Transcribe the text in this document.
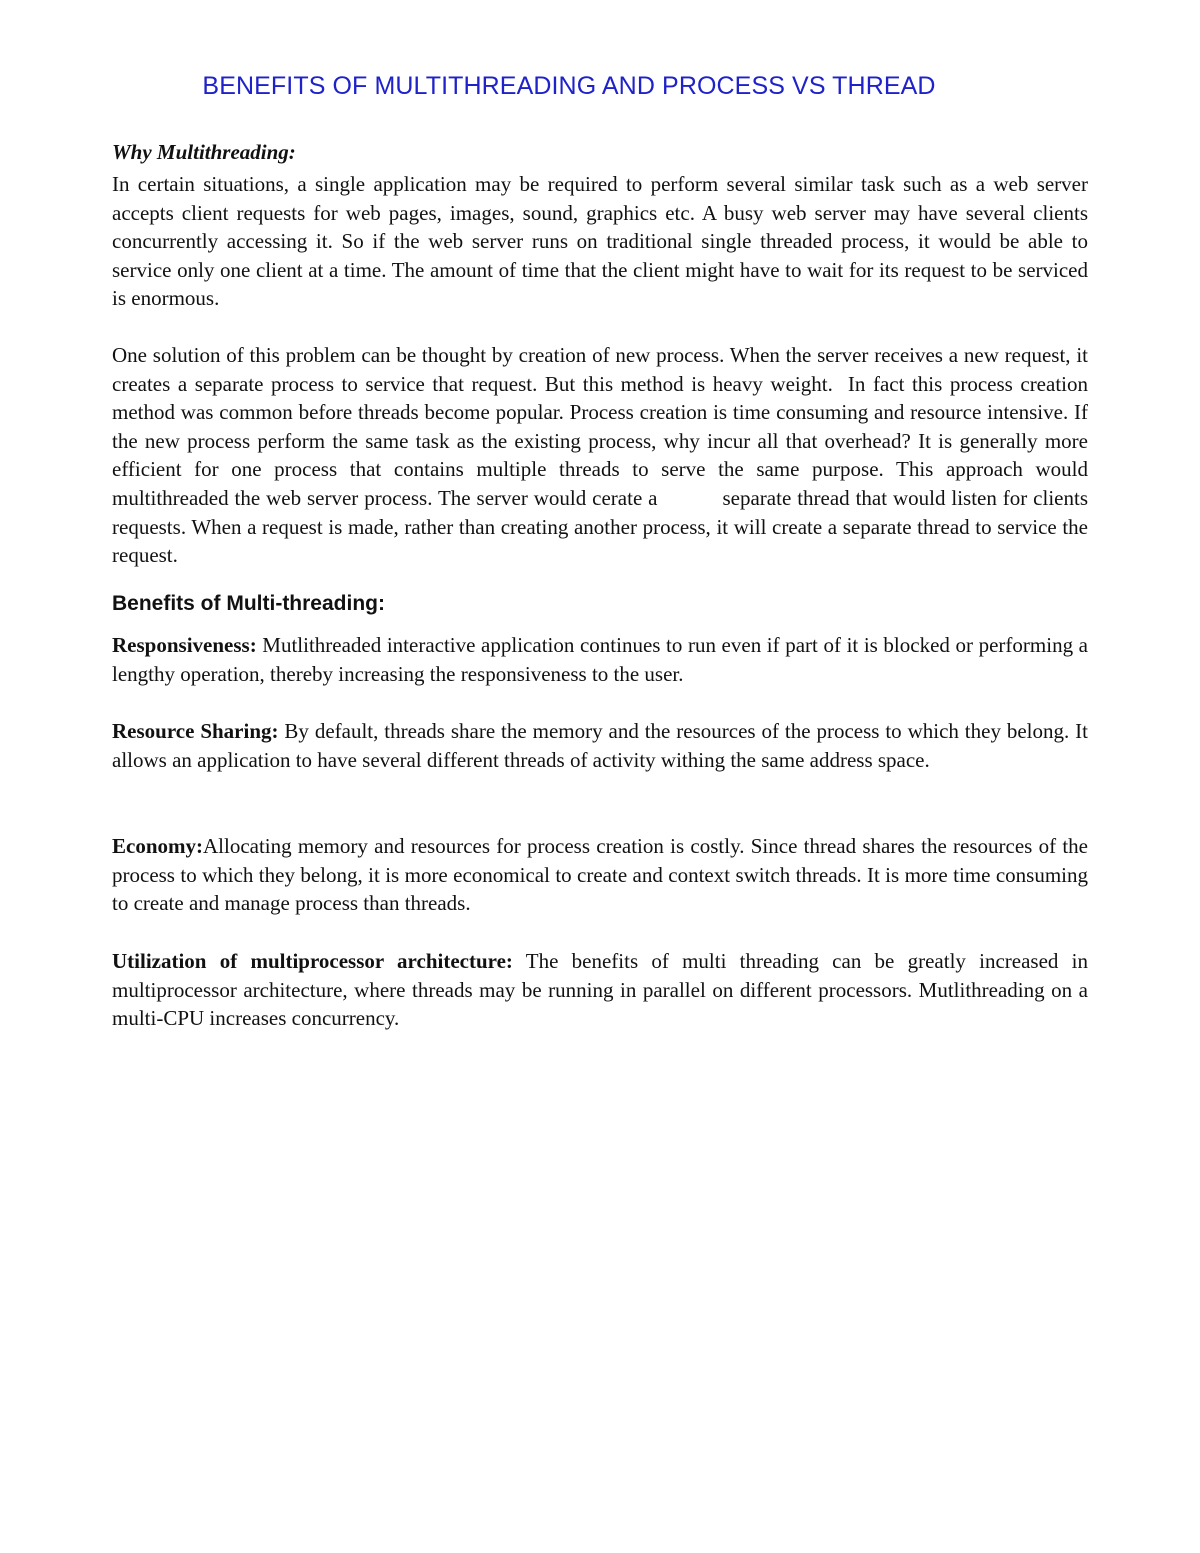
BENEFITS OF MULTITHREADING AND PROCESS VS THREAD

Why Multithreading:

In certain situations, a single application may be required to perform several similar task such as a web server accepts client requests for web pages, images, sound, graphics etc. A busy web server may have several clients concurrently accessing it. So if the web server runs on traditional single threaded process, it would be able to service only one client at a time. The amount of time that the client might have to wait for its request to be serviced is enormous.

One solution of this problem can be thought by creation of new process. When the server receives a new request, it creates a separate process to service that request. But this method is heavy weight.  In fact this process creation method was common before threads become popular. Process creation is time consuming and resource intensive. If the new process perform the same task as the existing process, why incur all that overhead? It is generally more efficient for one process that contains multiple threads to serve the same purpose. This approach would multithreaded the web server process. The server would cerate a           separate thread that would listen for clients requests. When a request is made, rather than creating another process, it will create a separate thread to service the request.

Benefits of Multi-threading:

Responsiveness: Mutlithreaded interactive application continues to run even if part of it is blocked or performing a lengthy operation, thereby increasing the responsiveness to the user.

Resource Sharing: By default, threads share the memory and the resources of the process to which they belong. It allows an application to have several different threads of activity withing the same address space.

Economy:Allocating memory and resources for process creation is costly. Since thread shares the resources of the process to which they belong, it is more economical to create and context switch threads. It is more time consuming to create and manage process than threads.

Utilization of multiprocessor architecture: The benefits of multi threading can be greatly increased in multiprocessor architecture, where threads may be running in parallel on different processors. Mutlithreading on a multi-CPU increases concurrency.
